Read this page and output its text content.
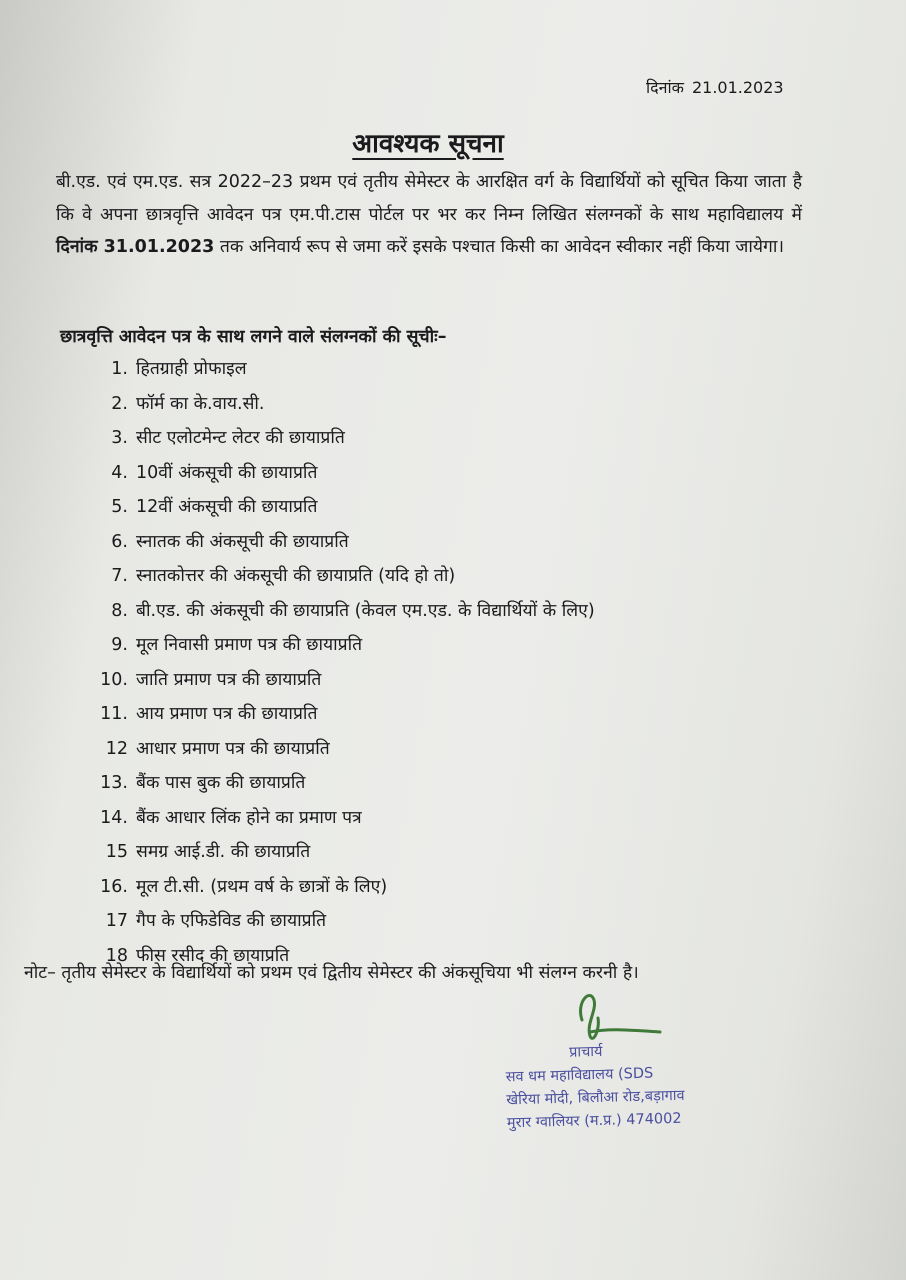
दिनांक 21.01.2023
आवश्यक सूचना
बी.एड. एवं एम.एड. सत्र 2022–23 प्रथम एवं तृतीय सेमेस्टर के आरक्षित वर्ग के विद्यार्थियों को सूचित किया जाता है कि वे अपना छात्रवृत्ति आवेदन पत्र एम.पी.टास पोर्टल पर भर कर निम्न लिखित संलग्नकों के साथ महाविद्यालय में दिनांक 31.01.2023 तक अनिवार्य रूप से जमा करें इसके पश्चात किसी का आवेदन स्वीकार नहीं किया जायेगा।
छात्रवृत्ति आवेदन पत्र के साथ लगने वाले संलग्नकों की सूचीः–
1. हितग्राही प्रोफाइल
2. फॉर्म का के.वाय.सी.
3. सीट एलोटमेन्ट लेटर की छायाप्रति
4. 10वीं अंकसूची की छायाप्रति
5. 12वीं अंकसूची की छायाप्रति
6. स्नातक की अंकसूची की छायाप्रति
7. स्नातकोत्तर की अंकसूची की छायाप्रति (यदि हो तो)
8. बी.एड. की अंकसूची की छायाप्रति (केवल एम.एड. के विद्यार्थियों के लिए)
9. मूल निवासी प्रमाण पत्र की छायाप्रति
10. जाति प्रमाण पत्र की छायाप्रति
11. आय प्रमाण पत्र की छायाप्रति
12 आधार प्रमाण पत्र की छायाप्रति
13. बैंक पास बुक की छायाप्रति
14. बैंक आधार लिंक होने का प्रमाण पत्र
15 समग्र आई.डी. की छायाप्रति
16. मूल टी.सी. (प्रथम वर्ष के छात्रों के लिए)
17 गैप के एफिडेविड की छायाप्रति
18 फीस रसीद की छायाप्रति
नोट– तृतीय सेमेस्टर के विद्यार्थियों को प्रथम एवं द्वितीय सेमेस्टर की अंकसूचिया भी संलग्न करनी है।
प्राचार्य
सव धम महाविद्यालय (SDS
खेरिया मोदी, बिलौआ रोड,बड़ागाव
मुरार ग्वालियर (म.प्र.) 474002
